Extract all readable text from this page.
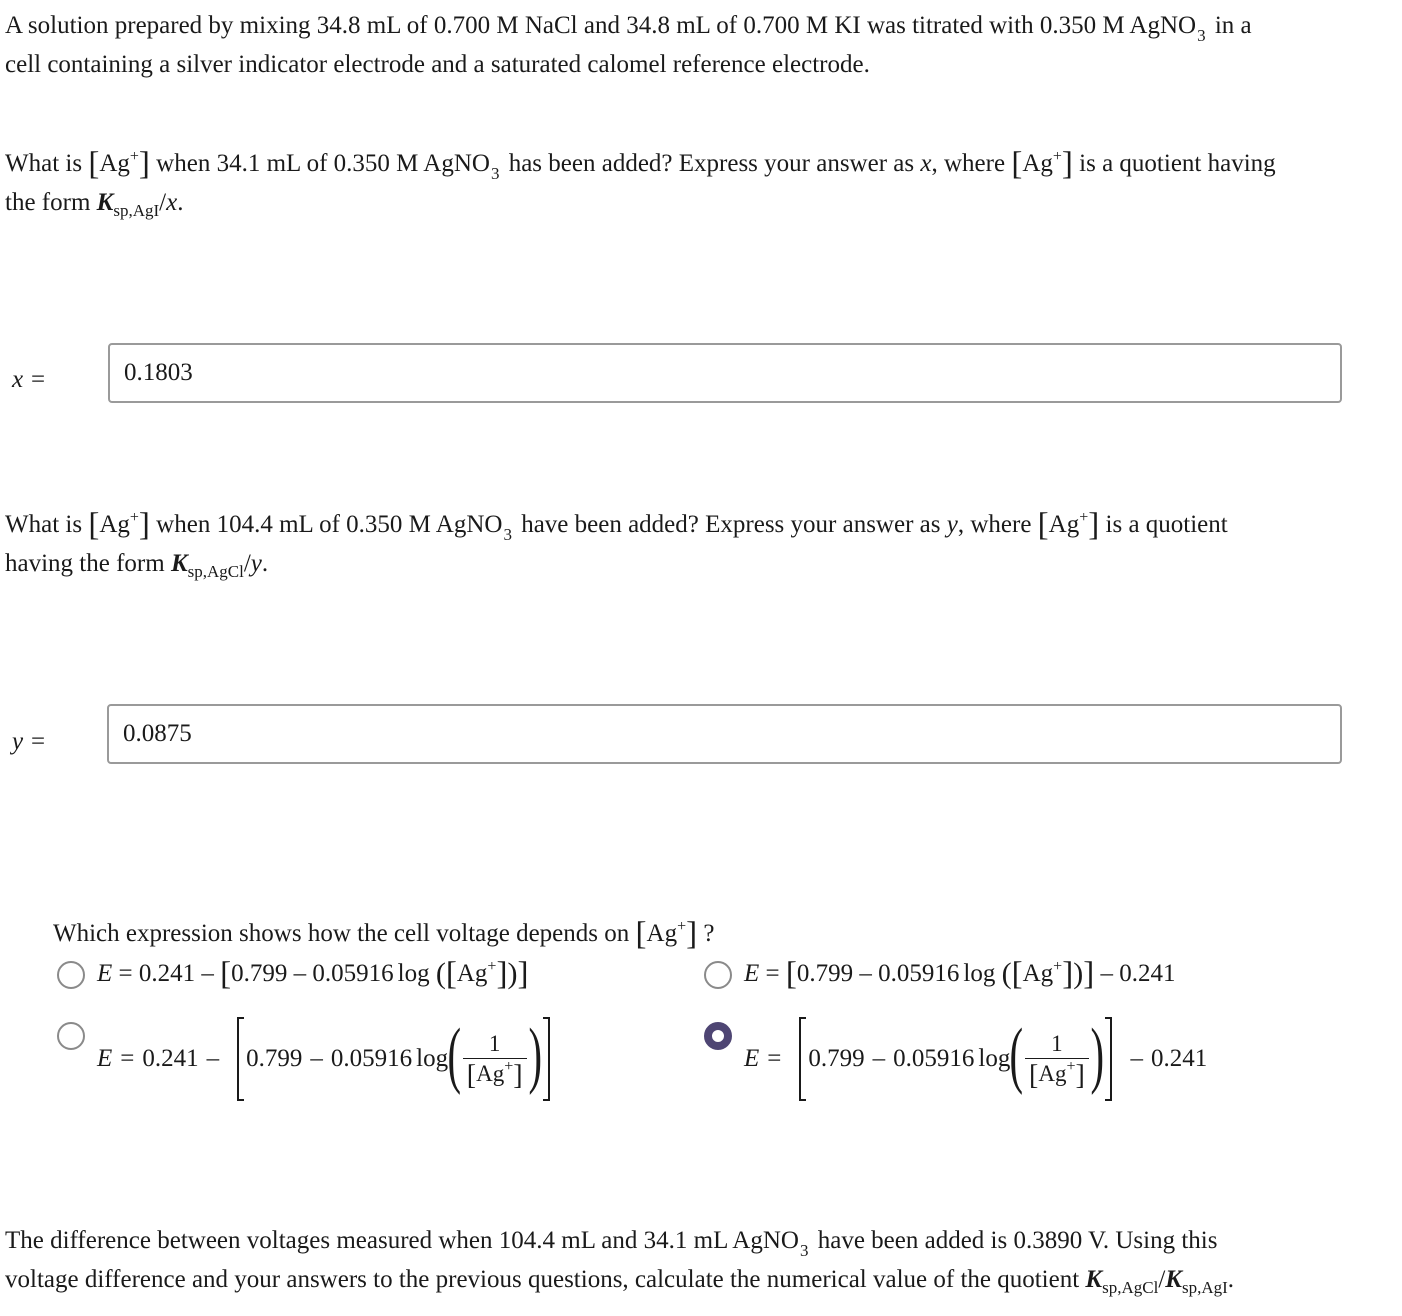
A solution prepared by mixing 34.8 mL of 0.700 M NaCl and 34.8 mL of 0.700 M KI was titrated with 0.350 M AgNO$_3$ in a
cell containing a silver indicator electrode and a saturated calomel reference electrode.
What is [Ag+] when 34.1 mL of 0.350 M AgNO$_3$ has been added? Express your answer as x, where [Ag+] is a quotient having
the form $K_{sp,AgI}/x$.
x =	0.1803
What is [Ag+] when 104.4 mL of 0.350 M AgNO$_3$ have been added? Express your answer as y, where [Ag+] is a quotient
having the form $K_{sp,AgCl}/y$.
y =	0.0875
Which expression shows how the cell voltage depends on [Ag+] ?
E = 0.241 – [0.799 – 0.05916 log ([Ag+])]	E = [0.799 – 0.05916 log ([Ag+])] – 0.241
E = 0.241 – 0.799 – 0.05916 log ( $\frac{1}{[Ag^+]}$ )	E = 0.799 – 0.05916 log ( $\frac{1}{[Ag^+]}$ ) – 0.241
The difference between voltages measured when 104.4 mL and 34.1 mL AgNO$_3$ have been added is 0.3890 V. Using this
voltage difference and your answers to the previous questions, calculate the numerical value of the quotient $K_{sp,AgCl}/K_{sp,AgI}$.
